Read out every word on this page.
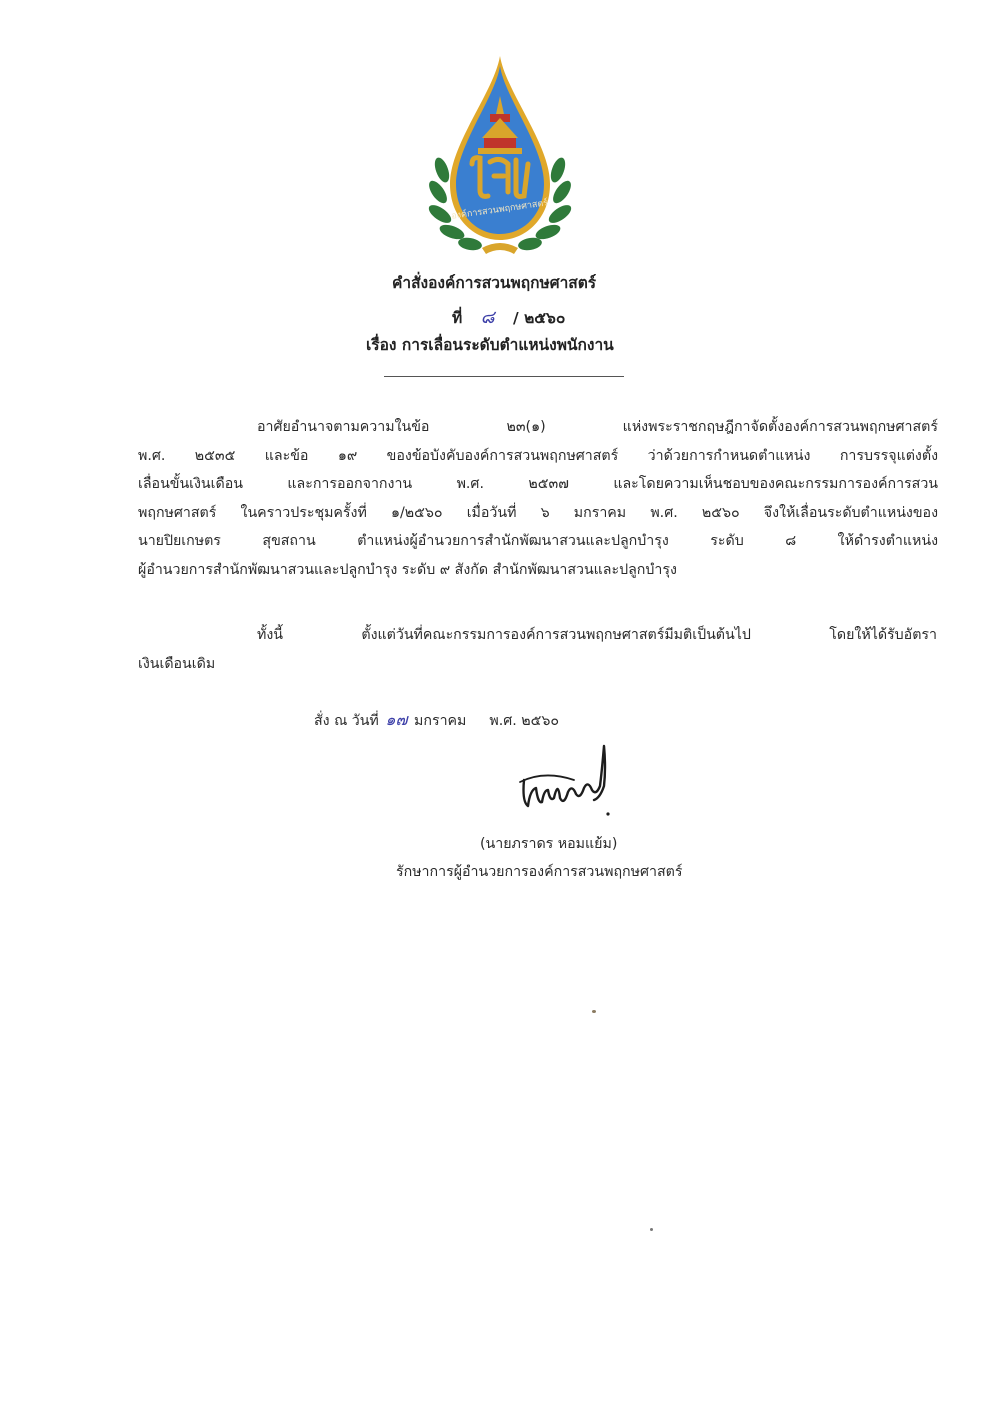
องค์การสวนพฤกษศาสตร์
คำสั่งองค์การสวนพฤกษศาสตร์
ที่ ๘ / ๒๕๖๐
เรื่อง การเลื่อนระดับตำแหน่งพนักงาน
อาศัยอำนาจตามความในข้อ ๒๓(๑) แห่งพระราชกฤษฎีกาจัดตั้งองค์การสวนพฤกษศาสตร์
พ.ศ. ๒๕๓๕ และข้อ ๑๙ ของข้อบังคับองค์การสวนพฤกษศาสตร์ ว่าด้วยการกำหนดตำแหน่ง การบรรจุแต่งตั้ง
เลื่อนขั้นเงินเดือน และการออกจากงาน พ.ศ. ๒๕๓๗ และโดยความเห็นชอบของคณะกรรมการองค์การสวน
พฤกษศาสตร์ ในคราวประชุมครั้งที่ ๑/๒๕๖๐ เมื่อวันที่ ๖ มกราคม พ.ศ. ๒๕๖๐ จึงให้เลื่อนระดับตำแหน่งของ
นายปิยเกษตร สุขสถาน ตำแหน่งผู้อำนวยการสำนักพัฒนาสวนและปลูกบำรุง ระดับ ๘ ให้ดำรงตำแหน่ง
ผู้อำนวยการสำนักพัฒนาสวนและปลูกบำรุง ระดับ ๙ สังกัด สำนักพัฒนาสวนและปลูกบำรุง
ทั้งนี้ ตั้งแต่วันที่คณะกรรมการองค์การสวนพฤกษศาสตร์มีมติเป็นต้นไป โดยให้ได้รับอัตรา
เงินเดือนเดิม
สั่ง ณ วันที่ ๑๗ มกราคม พ.ศ. ๒๕๖๐
(นายภราดร หอมแย้ม)
รักษาการผู้อำนวยการองค์การสวนพฤกษศาสตร์
